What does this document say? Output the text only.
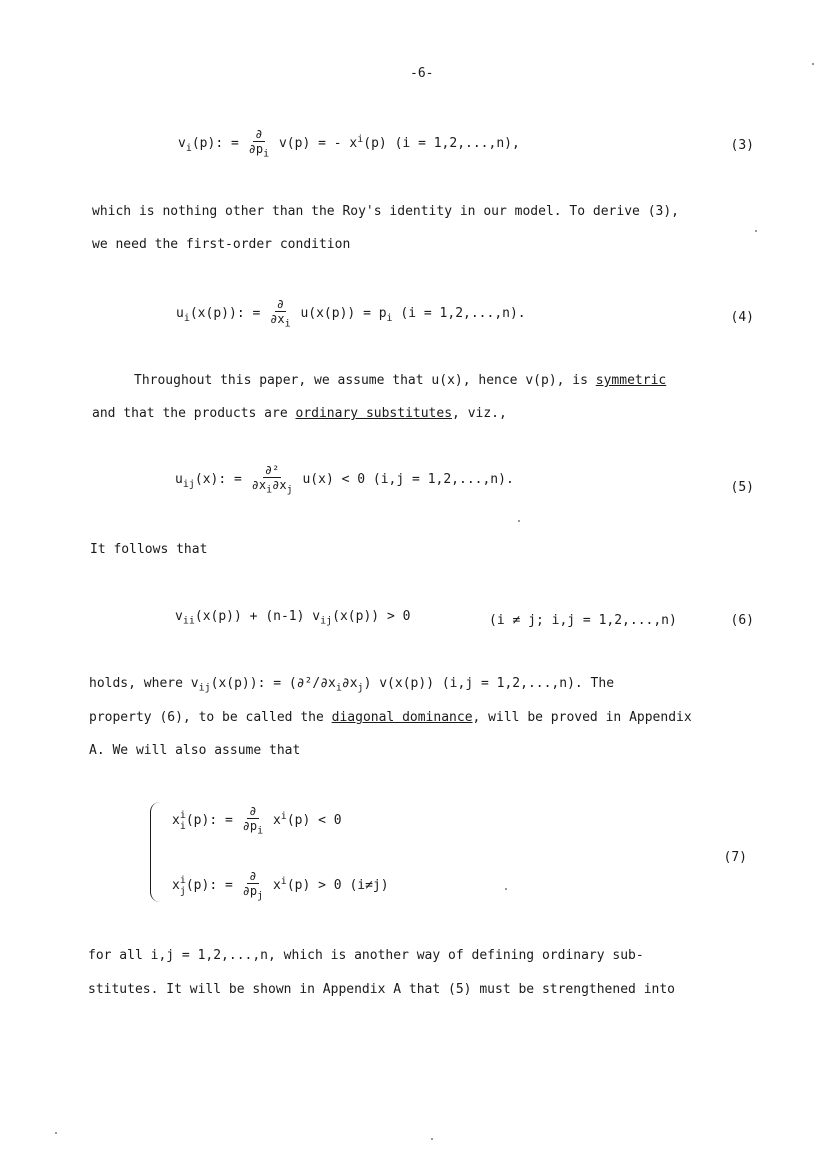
-6-
$v_i(p)$: = $\frac{\partial}{\partial p_i} v(p)$ = - $x^i(p) (i = 1,2,...,n)$,	(3)
which is nothing other than the Roy's identity in our model. To derive (3),
we need the first-order condition
$u_i(x(p))$: = $\frac{\partial}{\partial x_i} u(x(p)) = p_i$ (i = 1,2,...,n).	(4)
Throughout this paper, we assume that u(x), hence v(p), is symmetric
and that the products are ordinary substitutes, viz.,
$u_{ij}(x)$: = $\frac{\text{∂²}}{\partial x_i\partial x_j} u(x) < 0$ (i,j = 1,2,...,n).
(5)
It follows that
$v_{ii}(x(p)) + (n-1) v_{ij}(x(p)) > 0$	(i ≠ j; i,j = 1,2,...,n)	(6)
holds, where $v_{ij}(x(p))$: = $(\partial^2/\partial x_i\partial x_j)$ v(x(p)) (i,j = 1,2,...,n). The
property (6), to be called the diagonal dominance, will be proved in Appendix
A. We will also assume that
x i
i (p): = $\frac{\partial}{\partial p_i} x^i(p) < 0$
x i
j (p): = $\frac{\partial}{\partial p_j} x^i(p) > 0$ (i≠j)
(7)
for all i,j = 1,2,...,n, which is another way of defining ordinary sub-
stitutes. It will be shown in Appendix A that (5) must be strengthened into
